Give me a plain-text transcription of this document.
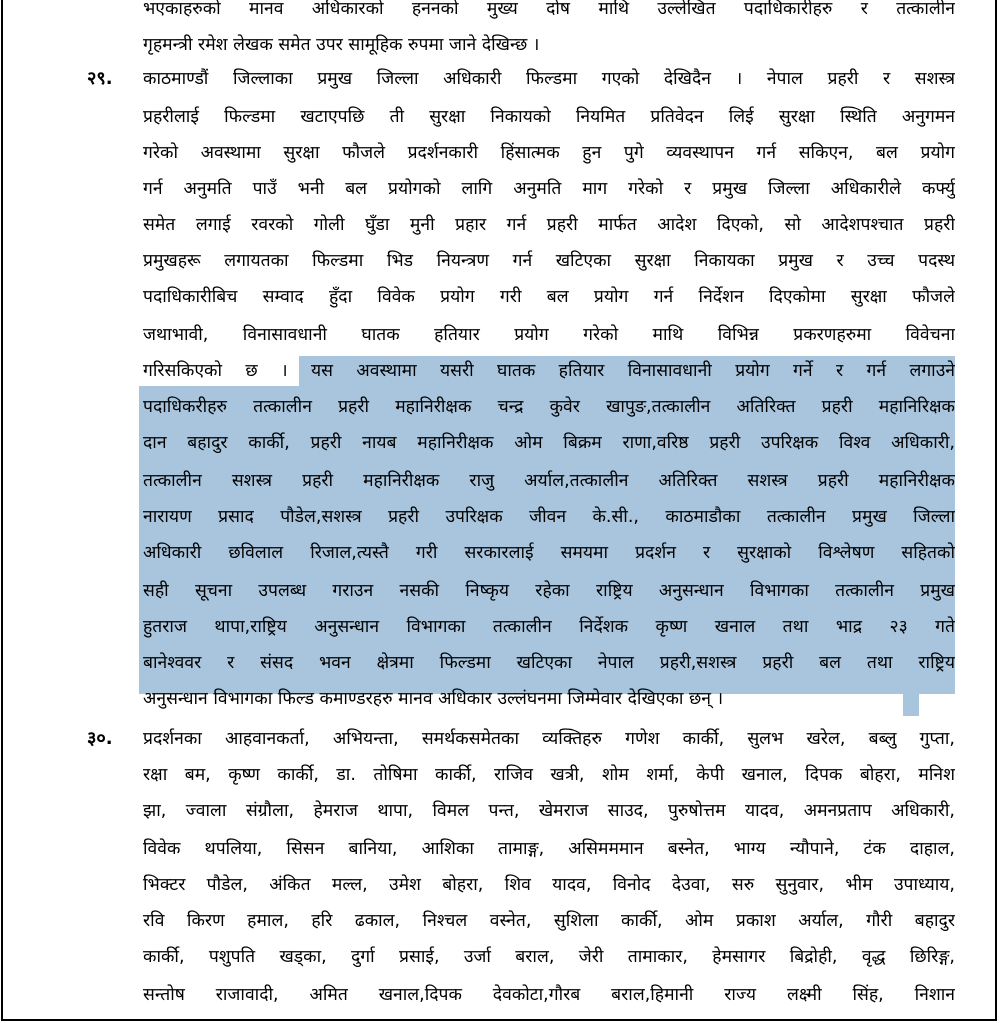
भएकाहरुको मानव अधिकारको हननको मुख्य दोष माथि उल्लेखित पदाधिकारीहरु र तत्कालीन
गृहमन्त्री रमेश लेखक समेत उपर सामूहिक रुपमा जाने देखिन्छ ।
२९. काठमाण्डौं जिल्लाका प्रमुख जिल्ला अधिकारी फिल्डमा गएको देखिदैन । नेपाल प्रहरी र सशस्त्र
प्रहरीलाई फिल्डमा खटाएपछि ती सुरक्षा निकायको नियमित प्रतिवेदन लिई सुरक्षा स्थिति अनुगमन
गरेको अवस्थामा सुरक्षा फौजले प्रदर्शनकारी हिंसात्मक हुन पुगे व्यवस्थापन गर्न सकिएन, बल प्रयोग
गर्न अनुमति पाउँ भनी बल प्रयोगको लागि अनुमति माग गरेको र प्रमुख जिल्ला अधिकारीले कर्फ्यु
समेत लगाई रवरको गोली घुँडा मुनी प्रहार गर्न प्रहरी मार्फत आदेश दिएको, सो आदेशपश्चात प्रहरी
प्रमुखहरू लगायतका फिल्डमा भिड नियन्त्रण गर्न खटिएका सुरक्षा निकायका प्रमुख र उच्च पदस्थ
पदाधिकारीबिच सम्वाद हुँदा विवेक प्रयोग गरी बल प्रयोग गर्न निर्देशन दिएकोमा सुरक्षा फौजले
जथाभावी, विनासावधानी घातक हतियार प्रयोग गरेको माथि विभिन्न प्रकरणहरुमा विवेचना
गरिसकिएको छ । यस अवस्थामा यसरी घातक हतियार विनासावधानी प्रयोग गर्ने र गर्न लगाउने
पदाधिकरीहरु तत्कालीन प्रहरी महानिरीक्षक चन्द्र कुवेर खापुङ,तत्कालीन अतिरिक्त प्रहरी महानिरिक्षक
दान बहादुर कार्की, प्रहरी नायब महानिरीक्षक ओम बिक्रम राणा,वरिष्ठ प्रहरी उपरिक्षक विश्व अधिकारी,
तत्कालीन सशस्त्र प्रहरी महानिरीक्षक राजु अर्याल,तत्कालीन अतिरिक्त सशस्त्र प्रहरी महानिरीक्षक
नारायण प्रसाद पौडेल,सशस्त्र प्रहरी उपरिक्षक जीवन के.सी., काठमाडौका तत्कालीन प्रमुख जिल्ला
अधिकारी छविलाल रिजाल,त्यस्तै गरी सरकारलाई समयमा प्रदर्शन र सुरक्षाको विश्लेषण सहितको
सही सूचना उपलब्ध गराउन नसकी निष्कृय रहेका राष्ट्रिय अनुसन्धान विभागका तत्कालीन प्रमुख
हुतराज थापा,राष्ट्रिय अनुसन्धान विभागका तत्कालीन निर्देशक कृष्ण खनाल तथा भाद्र २३ गते
बानेश्ववर र संसद भवन क्षेत्रमा फिल्डमा खटिएका नेपाल प्रहरी,सशस्त्र प्रहरी बल तथा राष्ट्रिय
अनुसन्धान विभागका फिल्ड कमाण्डरहरु मानव अधिकार उल्लंघनमा जिम्मेवार देखिएका छन् ।
३०. प्रदर्शनका आहवानकर्ता, अभियन्ता, समर्थकसमेतका व्यक्तिहरु गणेश कार्की, सुलभ खरेल, बब्लु गुप्ता,
रक्षा बम, कृष्ण कार्की, डा. तोषिमा कार्की, राजिव खत्री, शोम शर्मा, केपी खनाल, दिपक बोहरा, मनिश
झा, ज्वाला संग्रौला, हेमराज थापा, विमल पन्त, खेमराज साउद, पुरुषोत्तम यादव, अमनप्रताप अधिकारी,
विवेक थपलिया, सिसन बानिया, आशिका तामाङ्ग, असिमममान बस्नेत, भाग्य न्यौपाने, टंक दाहाल,
भिक्टर पौडेल, अंकित मल्ल, उमेश बोहरा, शिव यादव, विनोद देउवा, सरु सुनुवार, भीम उपाध्याय,
रवि किरण हमाल, हरि ढकाल, निश्चल वस्नेत, सुशिला कार्की, ओम प्रकाश अर्याल, गौरी बहादुर
कार्की, पशुपति खड्का, दुर्गा प्रसाई, उर्जा बराल, जेरी तामाकार, हेमसागर बिद्रोही, वृद्ध छिरिङ्ग,
सन्तोष राजावादी, अमित खनाल,दिपक देवकोटा,गौरब बराल,हिमानी राज्य लक्ष्मी सिंह, निशान
